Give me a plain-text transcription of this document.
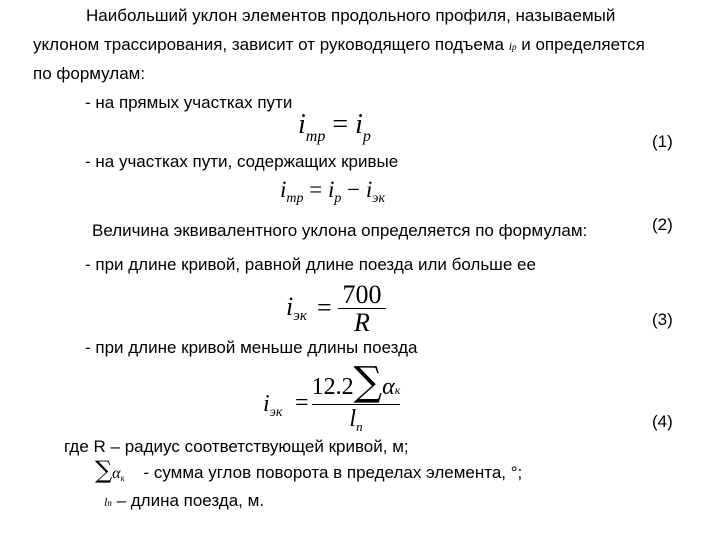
Наибольший уклон элементов продольного профиля, называемый
уклоном трассирования, зависит от руководящего подъема iр и определяется
по формулам:
- на прямых участках пути
$i_{тр} = i_р$	(1)
- на участках пути, содержащих кривые
$i_{тр} = i_р - i_{эк}$
Величина эквивалентного уклона определяется по формулам:	(2)
- при длине кривой, равной длине поезда или больше ее
iэк = 700
R	(3)
- при длине кривой меньше длины поезда
$i_{эк}$ =
12.2 ∑ α к
$l_п$	(4)
где R – радиус соответствующей кривой, м;
∑αк - сумма углов поворота в пределах элемента, °;
lп – длина поезда, м.
